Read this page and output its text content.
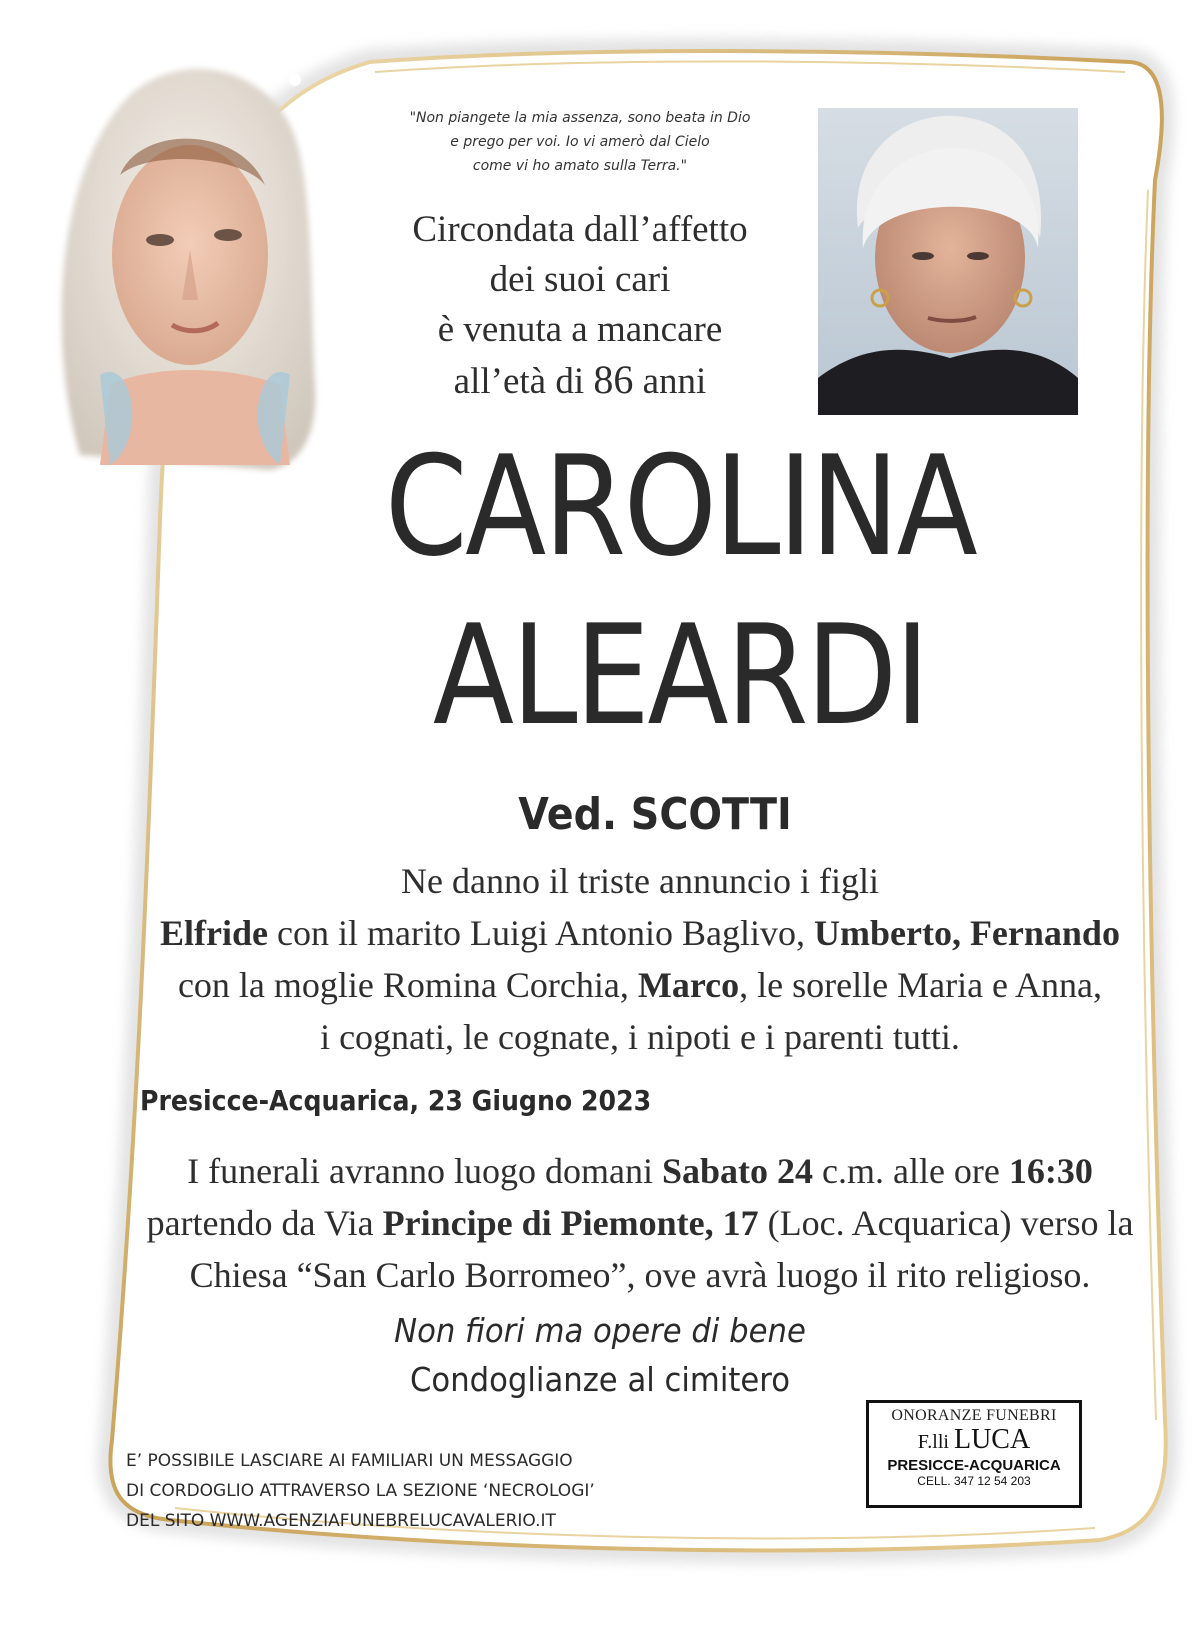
"Non piangete la mia assenza, sono beata in Dio
e prego per voi. Io vi amerò dal Cielo
come vi ho amato sulla Terra."
Circondata dall’affetto
dei suoi cari
è venuta a mancare
all’età di 86 anni
CAROLINA
ALEARDI
Ved. SCOTTI
Ne danno il triste annuncio i figli
Elfride con il marito Luigi Antonio Baglivo, Umberto, Fernando
con la moglie Romina Corchia, Marco, le sorelle Maria e Anna,
i cognati, le cognate, i nipoti e i parenti tutti.
Presicce-Acquarica, 23 Giugno 2023
I funerali avranno luogo domani Sabato 24 c.m. alle ore 16:30
partendo da Via Principe di Piemonte, 17 (Loc. Acquarica) verso la
Chiesa “San Carlo Borromeo”, ove avrà luogo il rito religioso.
Non fiori ma opere di bene
Condoglianze al cimitero
E’ POSSIBILE LASCIARE AI FAMILIARI UN MESSAGGIO
DI CORDOGLIO ATTRAVERSO LA SEZIONE ‘NECROLOGI’
DEL SITO WWW.AGENZIAFUNEBRELUCAVALERIO.IT
ONORANZE FUNEBRI
F.lli LUCA
PRESICCE-ACQUARICA
CELL. 347 12 54 203
